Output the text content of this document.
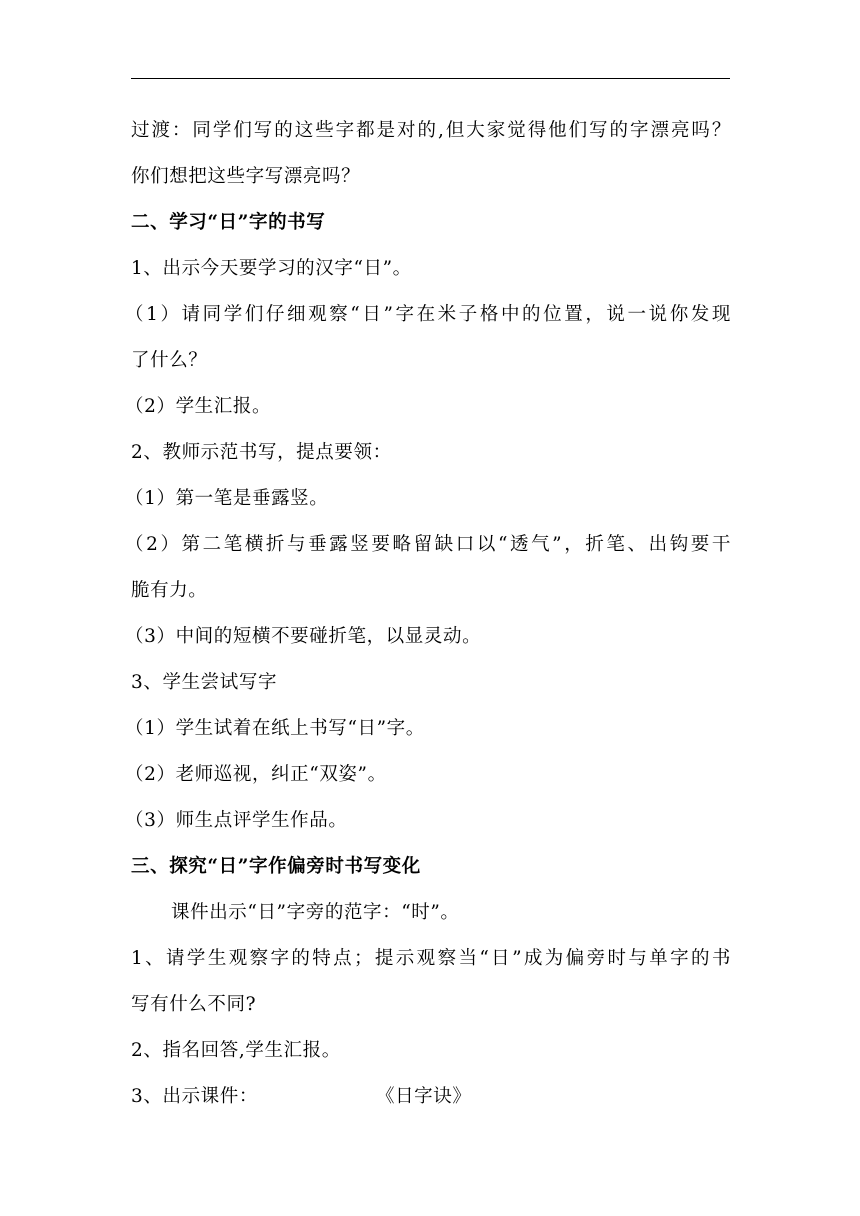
过渡：同学们写的这些字都是对的,但大家觉得他们写的字漂亮吗？
你们想把这些字写漂亮吗？
二、学习“日”字的书写
1、出示今天要学习的汉字“日”。
（1）请同学们仔细观察“日”字在米子格中的位置，说一说你发现
了什么？
（2）学生汇报。
2、教师示范书写，提点要领：
（1）第一笔是垂露竖。
（2）第二笔横折与垂露竖要略留缺口以“透气”，折笔、出钩要干
脆有力。
（3）中间的短横不要碰折笔，以显灵动。
3、学生尝试写字
（1）学生试着在纸上书写“日”字。
（2）老师巡视，纠正“双姿”。
（3）师生点评学生作品。
三、探究“日”字作偏旁时书写变化
课件出示“日”字旁的范字：“时”。
1、请学生观察字的特点；提示观察当“日”成为偏旁时与单字的书
写有什么不同?
2、指名回答,学生汇报。
3、出示课件：	《日字诀》
